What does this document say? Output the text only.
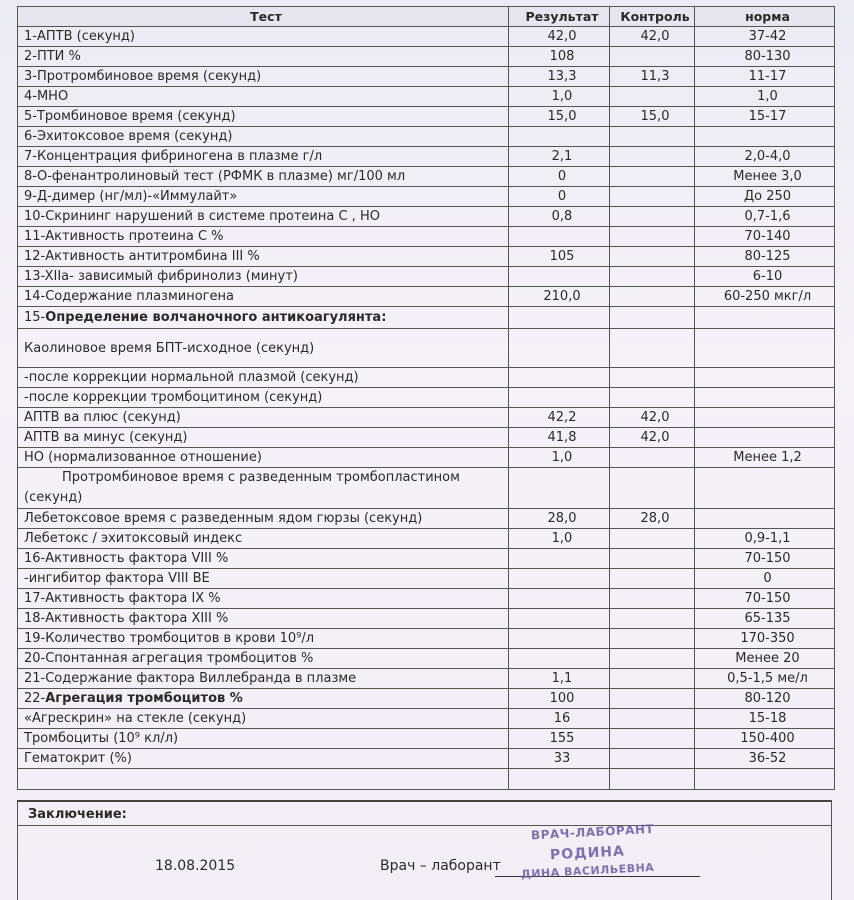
Тест	Результат	Контроль	норма
1-АПТВ (секунд)	42,0	42,0	37-42
2-ПТИ %	108		80-130
3-Протромбиновое время (секунд)	13,3	11,3	11-17
4-МНО	1,0		1,0
5-Тромбиновое время (секунд)	15,0	15,0	15-17
6-Эхитоксовое время (секунд)			
7-Концентрация фибриногена в плазме г/л	2,1		2,0-4,0
8-О-фенантролиновый тест (РФМК в плазме) мг/100 мл	0		Менее 3,0
9-Д-димер (нг/мл)-«Иммулайт»	0		До 250
10-Скрининг нарушений в системе протеина С , НО	0,8		0,7-1,6
11-Активность протеина С %			70-140
12-Активность антитромбина III %	105		80-125
13-XIIa- зависимый фибринолиз (минут)			6-10
14-Содержание плазминогена	210,0		60-250 мкг/л
15-Определение волчаночного антикоагулянта:			
Каолиновое время БПТ-исходное (секунд)			
-после коррекции нормальной плазмой (секунд)			
-после коррекции тромбоцитином (секунд)			
АПТВ ва плюс (секунд)	42,2	42,0	
АПТВ ва минус (секунд)	41,8	42,0	
НО (нормализованное отношение)	1,0		Менее 1,2

Протромбиновое время с разведенным тромбопластином
(секунд)			

Лебетоксовое время с разведенным ядом гюрзы (секунд)	28,0	28,0	
Лебетокс / эхитоксовый индекс	1,0		0,9-1,1
16-Активность фактора VIII %			70-150
-ингибитор фактора VIII BE			0
17-Активность фактора IX %			70-150
18-Активность фактора XIII %			65-135
19-Количество тромбоцитов в крови 10⁹/л			170-350
20-Спонтанная агрегация тромбоцитов %			Менее 20
21-Содержание фактора Виллебранда в плазме	1,1		0,5-1,5 ме/л
22-Агрегация тромбоцитов %	100		80-120
«Агрескрин» на стекле (секунд)	16		15-18
Тромбоциты (10⁹ кл/л)	155		150-400
Гематокрит (%)	33		36-52

Заключение:
18.08.2015	Врач – лаборант
ВРАЧ-ЛАБОРАНТ
РОДИНА
ДИНА ВАСИЛЬЕВНА
